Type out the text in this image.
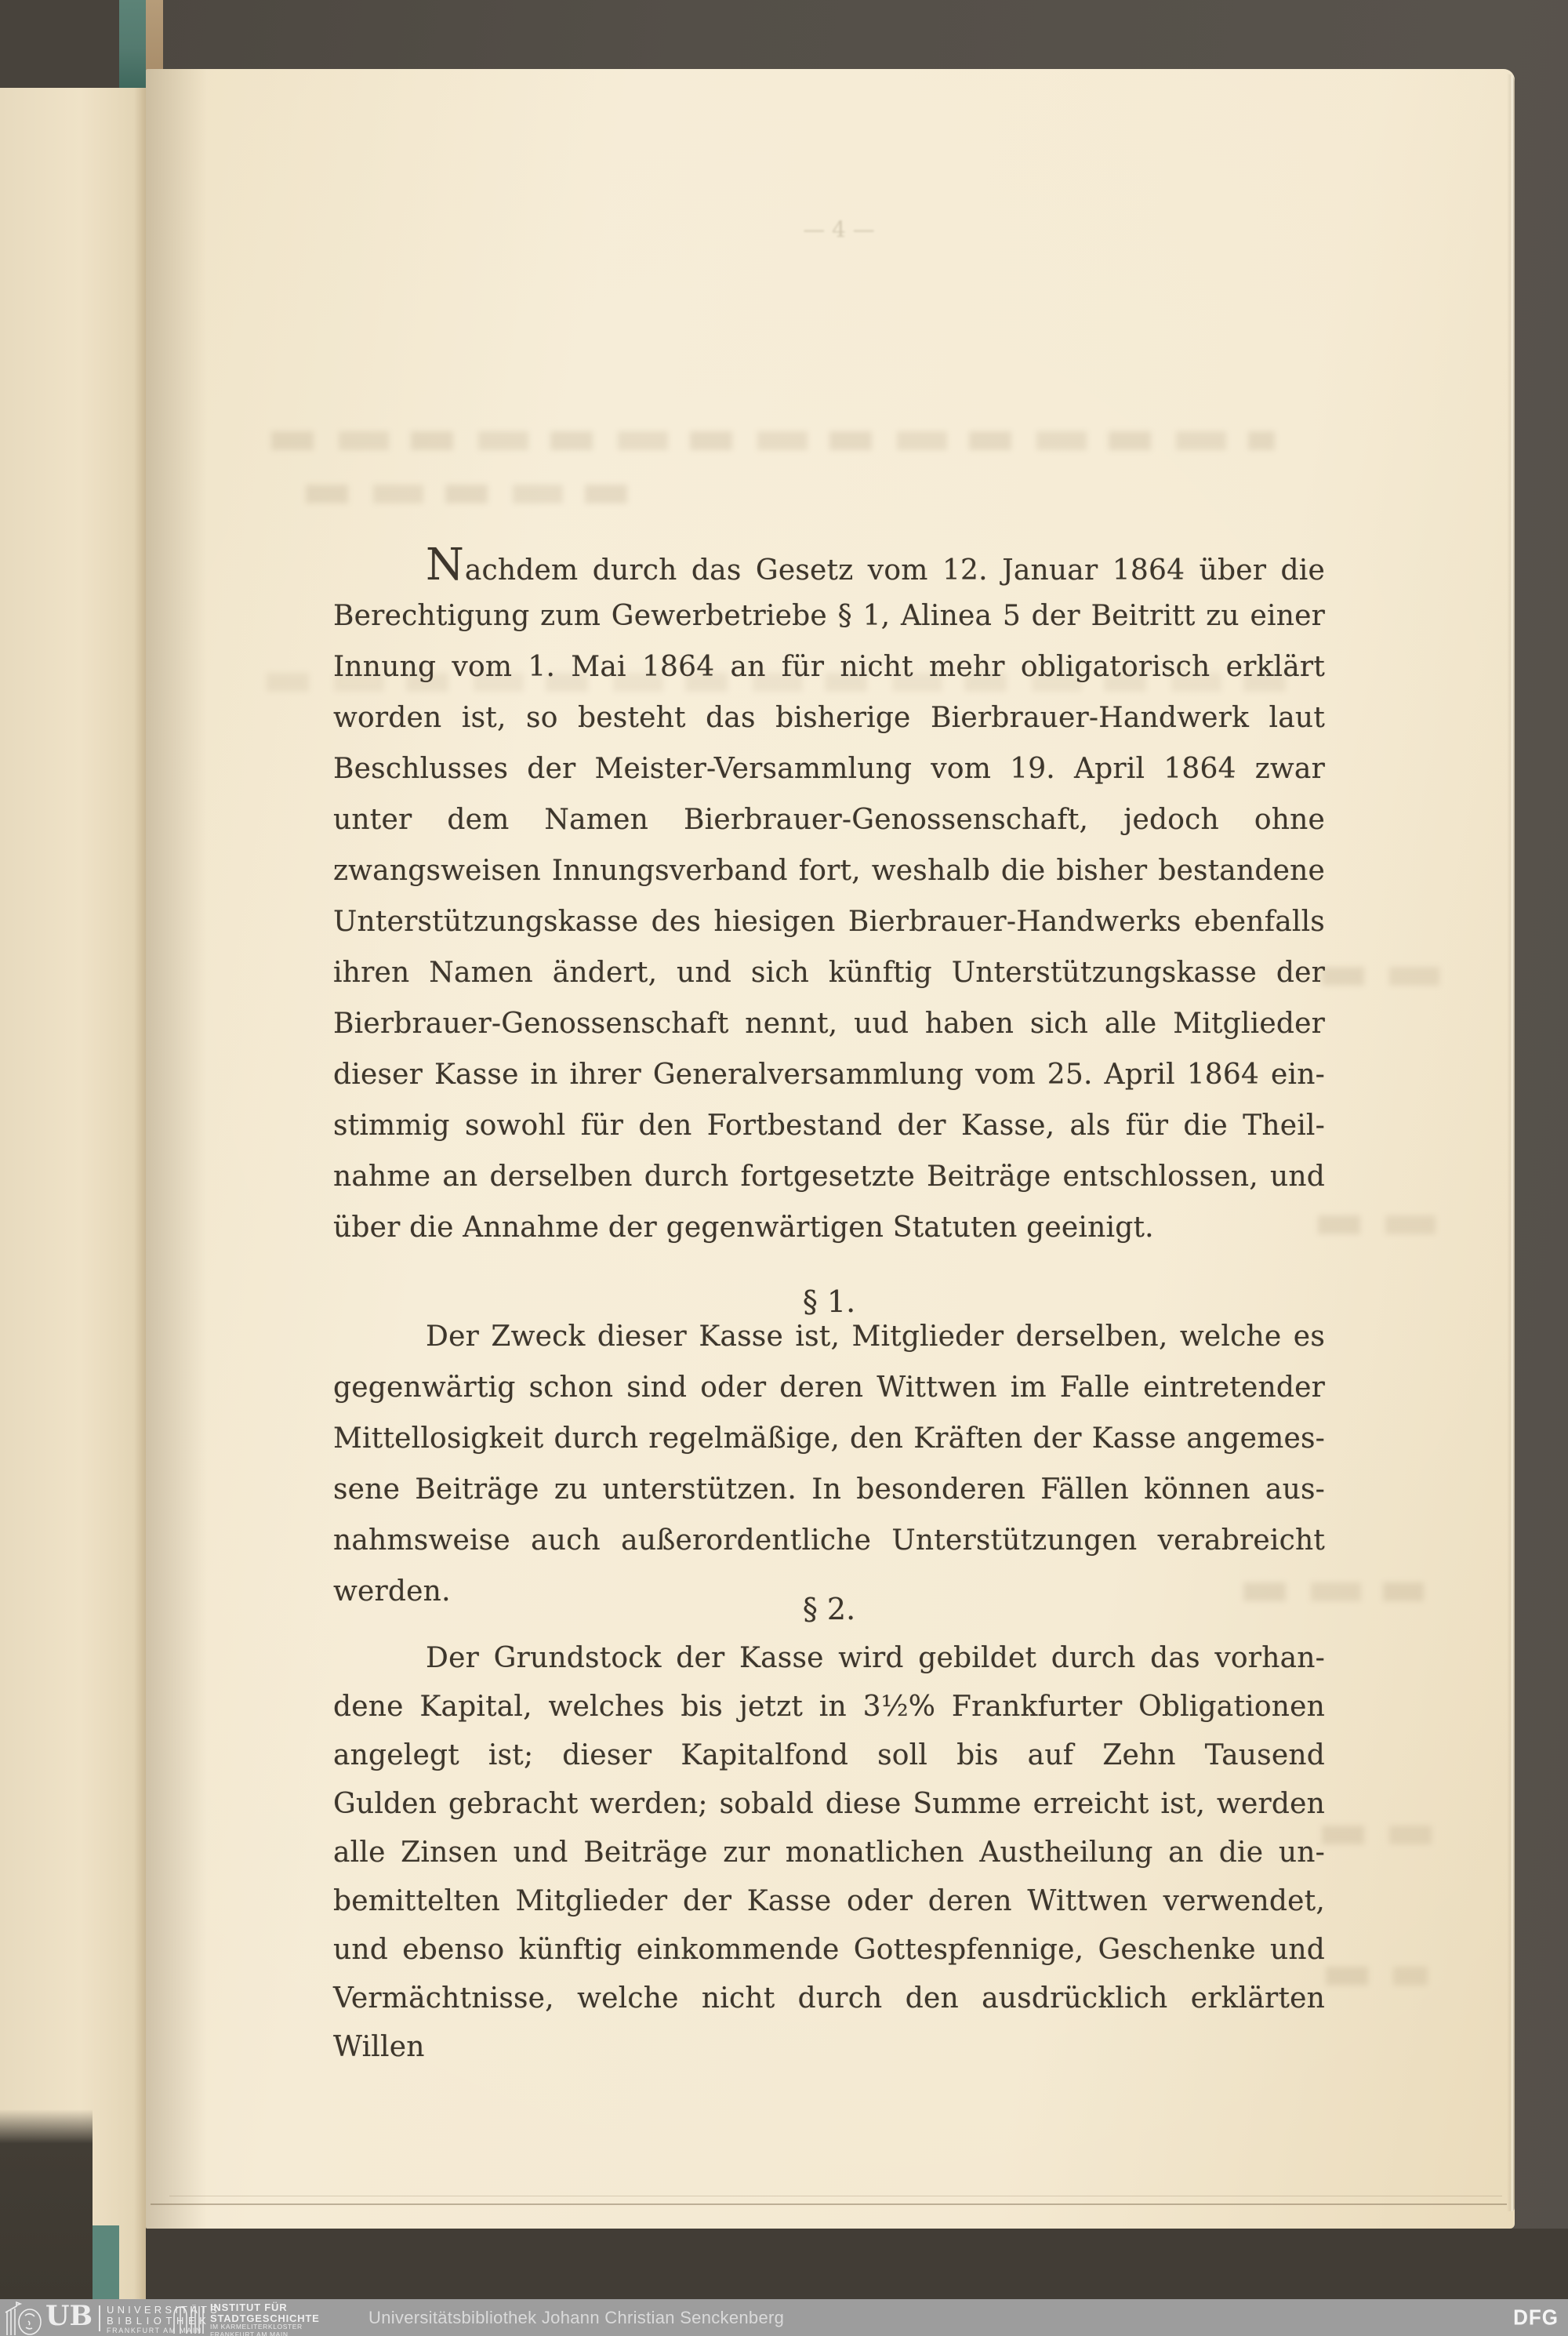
— 4 —
Nachdem durch das Gesetz vom 12. Januar 1864 über die
Berechtigung zum Gewerbetriebe § 1, Alinea 5 der Beitritt zu einer
Innung vom 1. Mai 1864 an für nicht mehr obligatorisch erklärt
worden ist, so besteht das bisherige Bierbrauer-Handwerk laut
Beschlusses der Meister-Versammlung vom 19. April 1864 zwar
unter dem Namen Bierbrauer-Genossenschaft, jedoch ohne
zwangsweisen Innungsverband fort, weshalb die bisher bestandene
Unterstützungskasse des hiesigen Bierbrauer-Handwerks ebenfalls
ihren Namen ändert, und sich künftig Unterstützungskasse der
Bierbrauer-Genossenschaft nennt, uud haben sich alle Mitglieder
dieser Kasse in ihrer Generalversammlung vom 25. April 1864 ein-
stimmig sowohl für den Fortbestand der Kasse, als für die Theil-
nahme an derselben durch fortgesetzte Beiträge entschlossen, und
über die Annahme der gegenwärtigen Statuten geeinigt.
§ 1.
Der Zweck dieser Kasse ist, Mitglieder derselben, welche es
gegenwärtig schon sind oder deren Wittwen im Falle eintretender
Mittellosigkeit durch regelmäßige, den Kräften der Kasse angemes-
sene Beiträge zu unterstützen. In besonderen Fällen können aus-
nahmsweise auch außerordentliche Unterstützungen verabreicht werden.
§ 2.
Der Grundstock der Kasse wird gebildet durch das vorhan-
dene Kapital, welches bis jetzt in 3½% Frankfurter Obligationen
angelegt ist; dieser Kapitalfond soll bis auf Zehn Tausend
Gulden gebracht werden; sobald diese Summe erreicht ist, werden
alle Zinsen und Beiträge zur monatlichen Austheilung an die un-
bemittelten Mitglieder der Kasse oder deren Wittwen verwendet,
und ebenso künftig einkommende Gottespfennige, Geschenke und
Vermächtnisse, welche nicht durch den ausdrücklich erklärten Willen
UB UNIVERSITÄTS
BIBLIOTHEK
FRANKFURT AM MAIN
INSTITUT FÜR
STADTGESCHICHTE
IM KARMELITERKLOSTER
FRANKFURT AM MAIN
Universitätsbibliothek Johann Christian Senckenberg	DFG
